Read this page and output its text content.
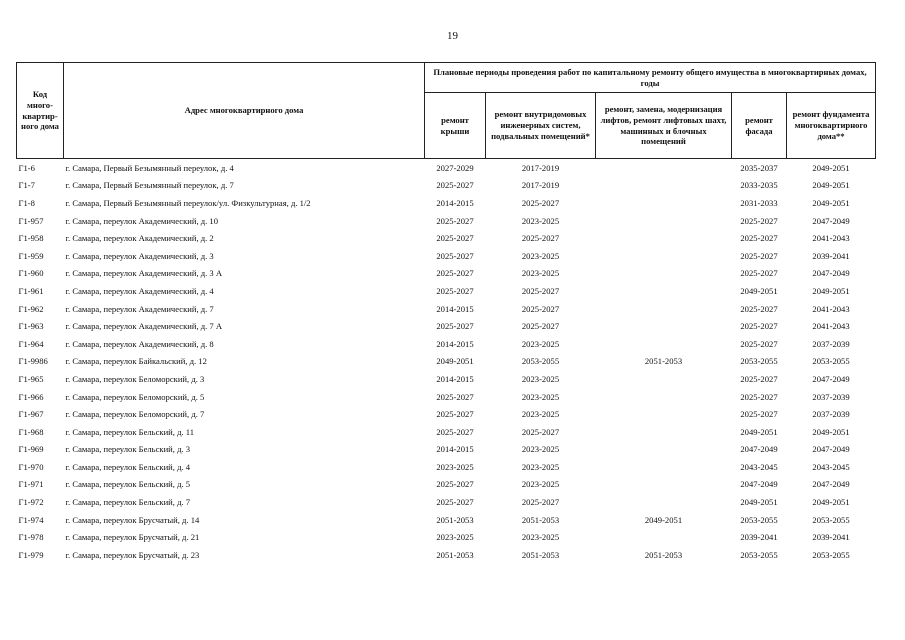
19
Код много-квартир-ного дома	Адрес многоквартирного дома	Плановые периоды проведения работ по капитальному ремонту общего имущества в многоквартирных домах, годы				
		ремонт крыши	ремонт внутридомовых инженерных систем, подвальных помещений*	ремонт, замена, модернизация лифтов, ремонт лифтовых шахт, машинных и блочных помещений	ремонт фасада	ремонт фундамента многоквартирного дома**
Г1-6	г. Самара, Первый Безымянный переулок, д. 4	2027-2029	2017-2019		2035-2037	2049-2051
Г1-7	г. Самара, Первый Безымянный переулок, д. 7	2025-2027	2017-2019		2033-2035	2049-2051
Г1-8	г. Самара, Первый Безымянный переулок/ул. Физкультурная, д. 1/2	2014-2015	2025-2027		2031-2033	2049-2051
Г1-957	г. Самара, переулок Академический, д. 10	2025-2027	2023-2025		2025-2027	2047-2049
Г1-958	г. Самара, переулок Академический, д. 2	2025-2027	2025-2027		2025-2027	2041-2043
Г1-959	г. Самара, переулок Академический, д. 3	2025-2027	2023-2025		2025-2027	2039-2041
Г1-960	г. Самара, переулок Академический, д. 3 А	2025-2027	2023-2025		2025-2027	2047-2049
Г1-961	г. Самара, переулок Академический, д. 4	2025-2027	2025-2027		2049-2051	2049-2051
Г1-962	г. Самара, переулок Академический, д. 7	2014-2015	2025-2027		2025-2027	2041-2043
Г1-963	г. Самара, переулок Академический, д. 7 А	2025-2027	2025-2027		2025-2027	2041-2043
Г1-964	г. Самара, переулок Академический, д. 8	2014-2015	2023-2025		2025-2027	2037-2039
Г1-9986	г. Самара, переулок Байкальский, д. 12	2049-2051	2053-2055	2051-2053	2053-2055	2053-2055
Г1-965	г. Самара, переулок Беломорский, д. 3	2014-2015	2023-2025		2025-2027	2047-2049
Г1-966	г. Самара, переулок Беломорский, д. 5	2025-2027	2023-2025		2025-2027	2037-2039
Г1-967	г. Самара, переулок Беломорский, д. 7	2025-2027	2023-2025		2025-2027	2037-2039
Г1-968	г. Самара, переулок Бельский, д. 11	2025-2027	2025-2027		2049-2051	2049-2051
Г1-969	г. Самара, переулок Бельский, д. 3	2014-2015	2023-2025		2047-2049	2047-2049
Г1-970	г. Самара, переулок Бельский, д. 4	2023-2025	2023-2025		2043-2045	2043-2045
Г1-971	г. Самара, переулок Бельский, д. 5	2025-2027	2023-2025		2047-2049	2047-2049
Г1-972	г. Самара, переулок Бельский, д. 7	2025-2027	2025-2027		2049-2051	2049-2051
Г1-974	г. Самара, переулок Брусчатый, д. 14	2051-2053	2051-2053	2049-2051	2053-2055	2053-2055
Г1-978	г. Самара, переулок Брусчатый, д. 21	2023-2025	2023-2025		2039-2041	2039-2041
Г1-979	г. Самара, переулок Брусчатый, д. 23	2051-2053	2051-2053	2051-2053	2053-2055	2053-2055
